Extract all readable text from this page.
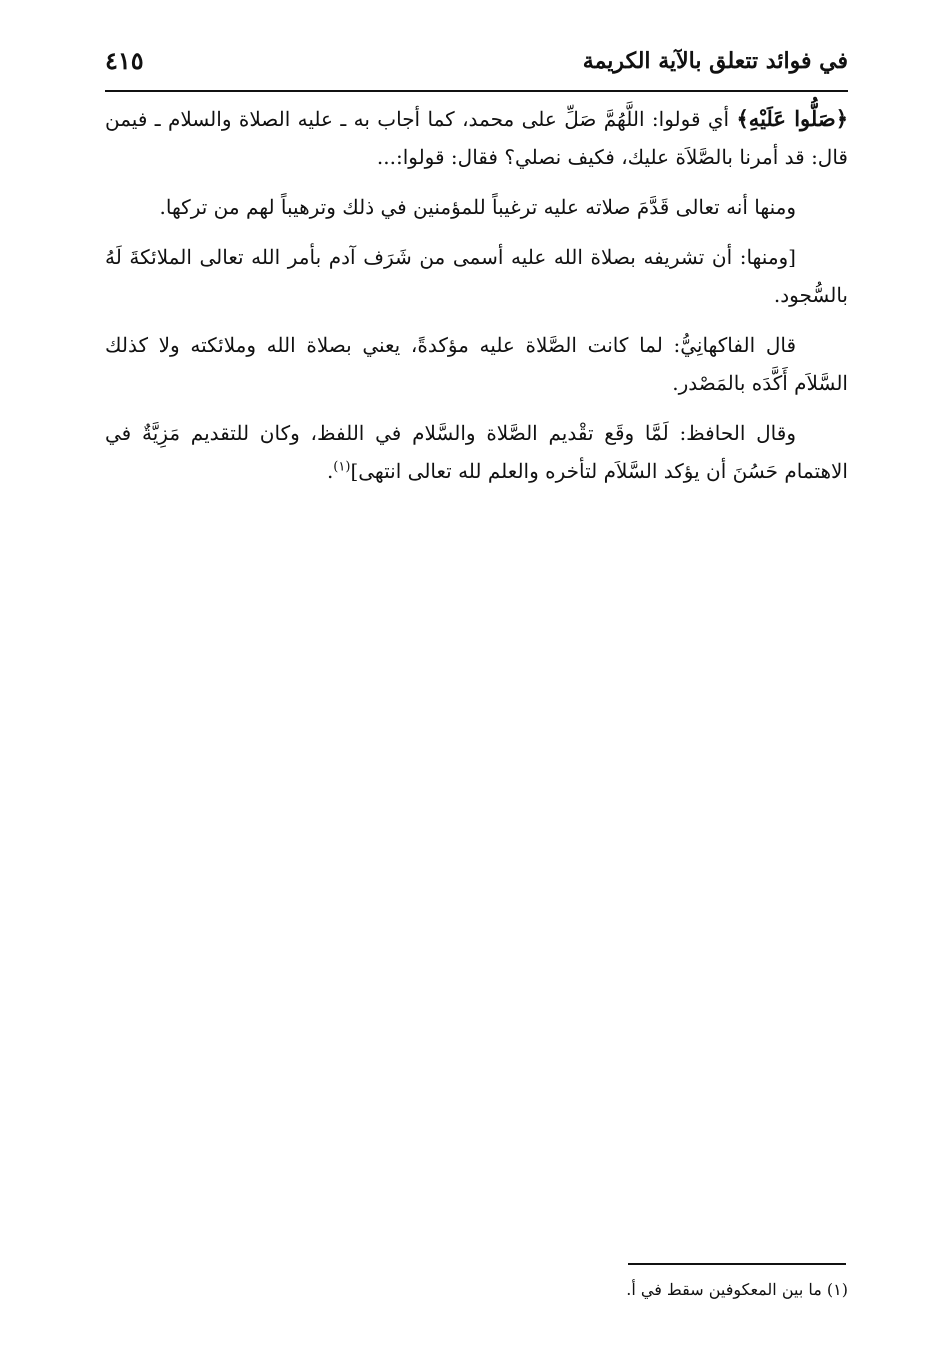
في فوائد تتعلق بالآية الكريمة
٤١٥

﴿صَلُّوا عَلَيْهِ﴾ أي قولوا: اللَّهُمَّ صَلِّ على محمد، كما أجاب به ـ عليه الصلاة والسلام ـ فيمن قال: قد أمرنا بالصَّلاَة عليك، فكيف نصلي؟ فقال: قولوا:...

ومنها أنه تعالى قَدَّمَ صلاته عليه ترغيباً للمؤمنين في ذلك وترهيباً لهم من تركها.

[ومنها: أن تشريفه بصلاة الله عليه أسمى من شَرَف آدم بأمر الله تعالى الملائكةَ لَهُ بالسُّجود.

قال الفاكهانِيُّ: لما كانت الصَّلاة عليه مؤكدةً، يعني بصلاة الله وملائكته ولا كذلك السَّلاَم أَكَّدَه بالمَصْدر.

وقال الحافظ: لَمَّا وقَع تقْديم الصَّلاة والسَّلام في اللفظ، وكان للتقديم مَزِيَّةٌ في الاهتمام حَسُنَ أن يؤكد السَّلاَم لتأخره والعلم لله تعالى انتهى]$^{(١)}$.

(١) ما بين المعكوفين سقط في أ.
